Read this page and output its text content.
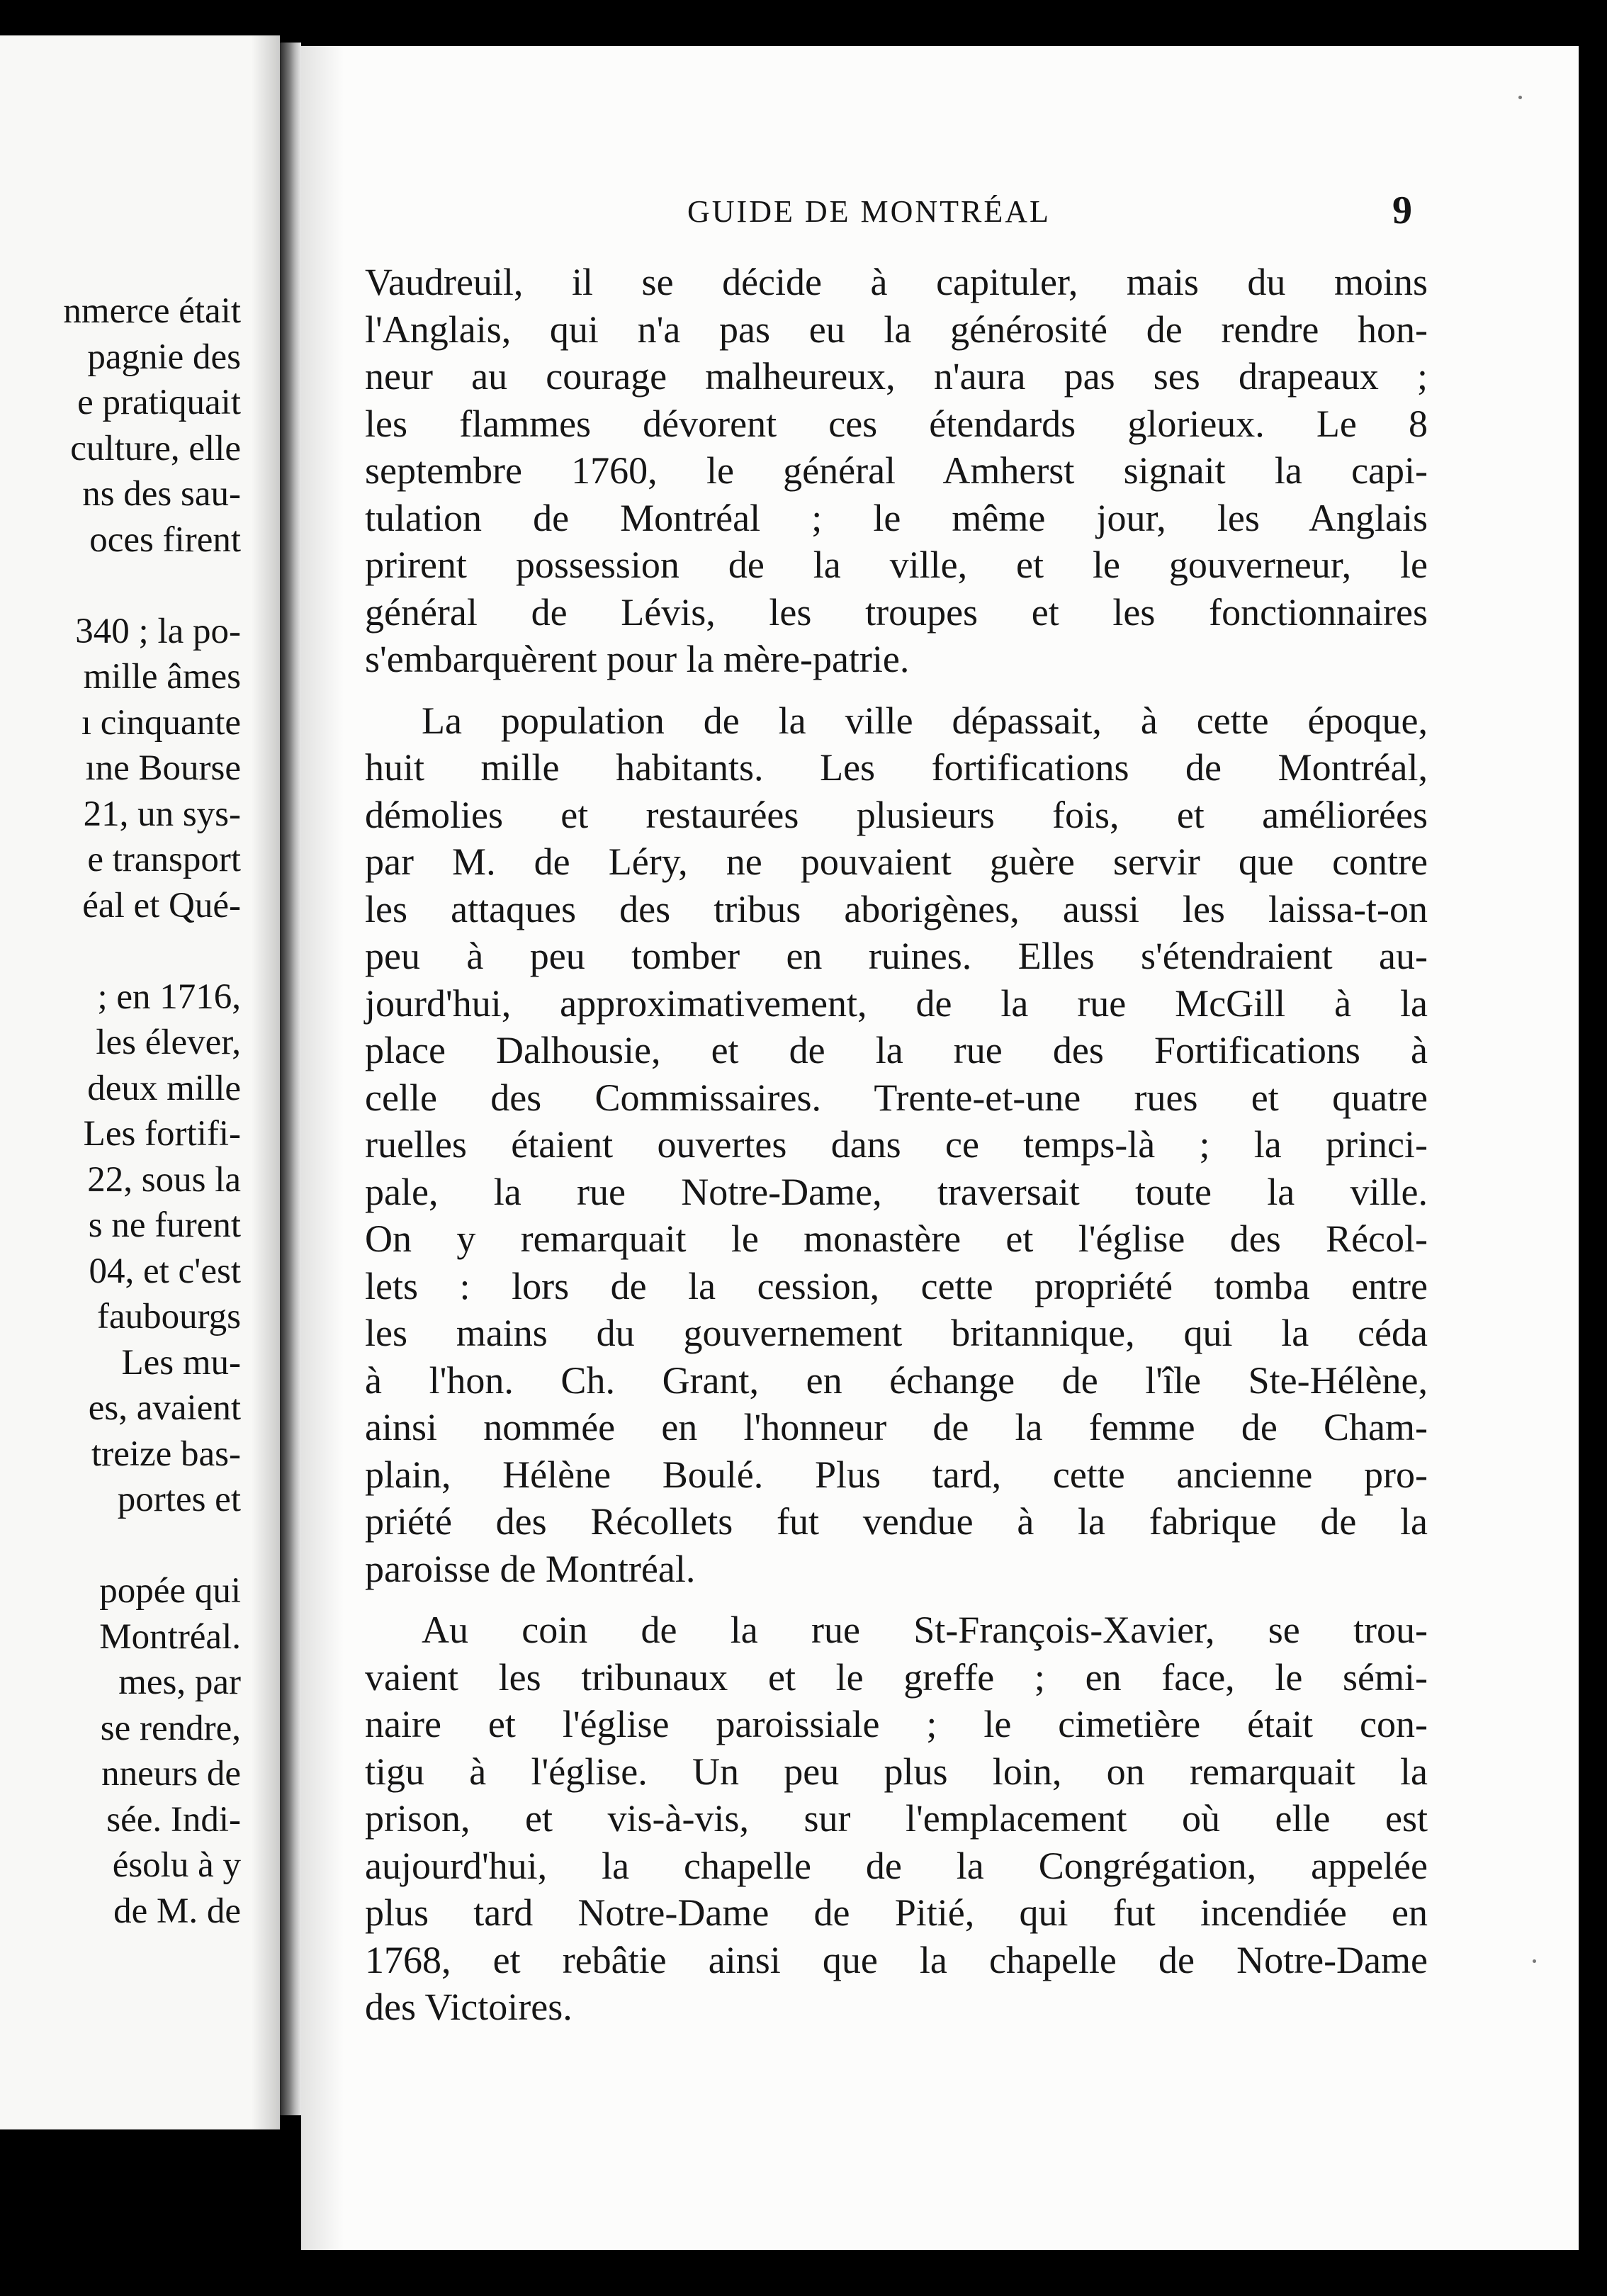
nmerce était
pagnie des
e pratiquait
culture, elle
ns des sau-
oces firent
340 ; la po-
mille âmes
ı cinquante
ıne Bourse
21, un sys-
e transport
éal et Qué-
; en 1716,
les élever,
deux mille
Les fortifi-
22, sous la
s ne furent
04, et c'est
faubourgs
Les mu-
es, avaient
treize bas-
portes et
popée qui
Montréal.
mes, par
se rendre,
nneurs de
sée. Indi-
ésolu à y
de M. de
GUIDE DE MONTRÉAL	9
Vaudreuil, il se décide à capituler, mais du moins
l'Anglais, qui n'a pas eu la générosité de rendre hon-
neur au courage malheureux, n'aura pas ses drapeaux ;
les flammes dévorent ces étendards glorieux. Le 8
septembre 1760, le général Amherst signait la capi-
tulation de Montréal ; le même jour, les Anglais
prirent possession de la ville, et le gouverneur, le
général de Lévis, les troupes et les fonctionnaires
s'embarquèrent pour la mère-patrie.
La population de la ville dépassait, à cette époque,
huit mille habitants. Les fortifications de Montréal,
démolies et restaurées plusieurs fois, et améliorées
par M. de Léry, ne pouvaient guère servir que contre
les attaques des tribus aborigènes, aussi les laissa-t-on
peu à peu tomber en ruines. Elles s'étendraient au-
jourd'hui, approximativement, de la rue McGill à la
place Dalhousie, et de la rue des Fortifications à
celle des Commissaires. Trente-et-une rues et quatre
ruelles étaient ouvertes dans ce temps-là ; la princi-
pale, la rue Notre-Dame, traversait toute la ville.
On y remarquait le monastère et l'église des Récol-
lets : lors de la cession, cette propriété tomba entre
les mains du gouvernement britannique, qui la céda
à l'hon. Ch. Grant, en échange de l'île Ste-Hélène,
ainsi nommée en l'honneur de la femme de Cham-
plain, Hélène Boulé. Plus tard, cette ancienne pro-
priété des Récollets fut vendue à la fabrique de la
paroisse de Montréal.
Au coin de la rue St-François-Xavier, se trou-
vaient les tribunaux et le greffe ; en face, le sémi-
naire et l'église paroissiale ; le cimetière était con-
tigu à l'église. Un peu plus loin, on remarquait la
prison, et vis-à-vis, sur l'emplacement où elle est
aujourd'hui, la chapelle de la Congrégation, appelée
plus tard Notre-Dame de Pitié, qui fut incendiée en
1768, et rebâtie ainsi que la chapelle de Notre-Dame
des Victoires.
